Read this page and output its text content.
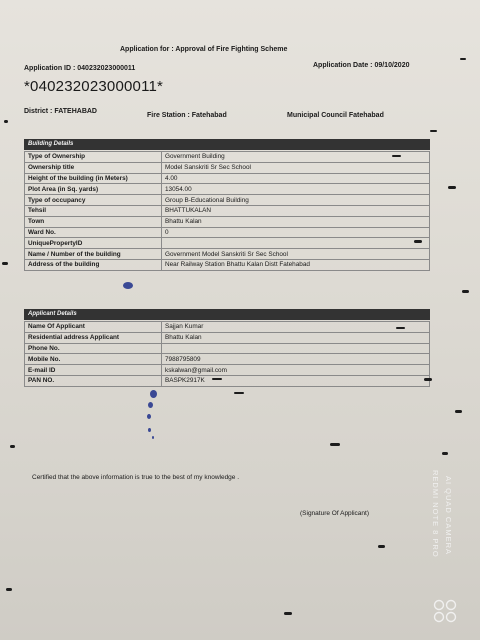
Application for : Approval of Fire Fighting Scheme
Application ID : 040232023000011	Application Date : 09/10/2020
*040232023000011*
District : FATEHABAD
Fire Station : Fatehabad	Municipal Council Fatehabad
Building Details
Type of Ownership	Government Building
Ownership title	Model Sanskriti Sr Sec School
Height of the building (in Meters)	4.00
Plot Area (in Sq. yards)	13054.00
Type of occupancy	Group B-Educational Building
Tehsil	BHATTUKALAN
Town	Bhattu Kalan
Ward No.	0
UniquePropertyID	
Name / Number of the building	Government Model Sanskriti Sr Sec School
Address of the building	Near Railway Station Bhattu Kalan Distt Fatehabad
Applicant Details
Name Of Applicant	Sajjan Kumar
Residential address Applicant	Bhattu Kalan
Phone No.	
Mobile No.	7988795809
E-mail ID	kskalwan@gmail.com
PAN NO.	BASPK2917K
Certified that the above information is true to the best of my knowledge .
(Signature Of Applicant)	REDMI NOTE 8 PRO AI QUAD CAMERA
